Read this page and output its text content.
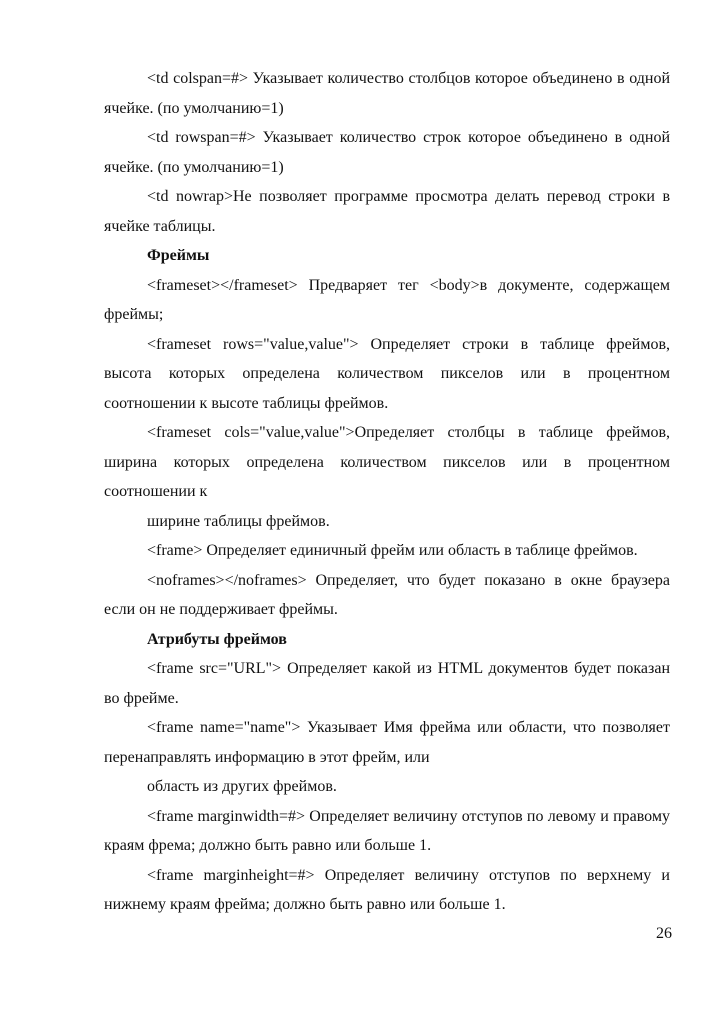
<td colspan=#> Указывает количество столбцов которое объединено в одной ячейке. (по умолчанию=1)

<td rowspan=#> Указывает количество строк которое объединено в одной ячейке. (по умолчанию=1)

<td nowrap>Не позволяет программе просмотра делать перевод строки в ячейке таблицы.

Фреймы

<frameset></frameset> Предваряет тег <body>в документе, содержащем фреймы;

<frameset rows="value,value"> Определяет строки в таблице фреймов, высота которых определена количеством пикселов или в процентном соотношении к высоте таблицы фреймов.

<frameset cols="value,value">Определяет столбцы в таблице фреймов, ширина которых определена количеством пикселов или в процентном соотношении к

ширине таблицы фреймов.

<frame> Определяет единичный фрейм или область в таблице фреймов.

<noframes></noframes> Определяет, что будет показано в окне браузера если он не поддерживает фреймы.

Атрибуты фреймов

<frame src="URL"> Определяет какой из HTML документов будет показан во фрейме.

<frame name="name"> Указывает Имя фрейма или области, что позволяет перенаправлять информацию в этот фрейм, или

область из других фреймов.

<frame marginwidth=#> Определяет величину отступов по левому и правому краям фрема; должно быть равно или больше 1.

<frame marginheight=#> Определяет величину отступов по верхнему и нижнему краям фрейма; должно быть равно или больше 1.

26
